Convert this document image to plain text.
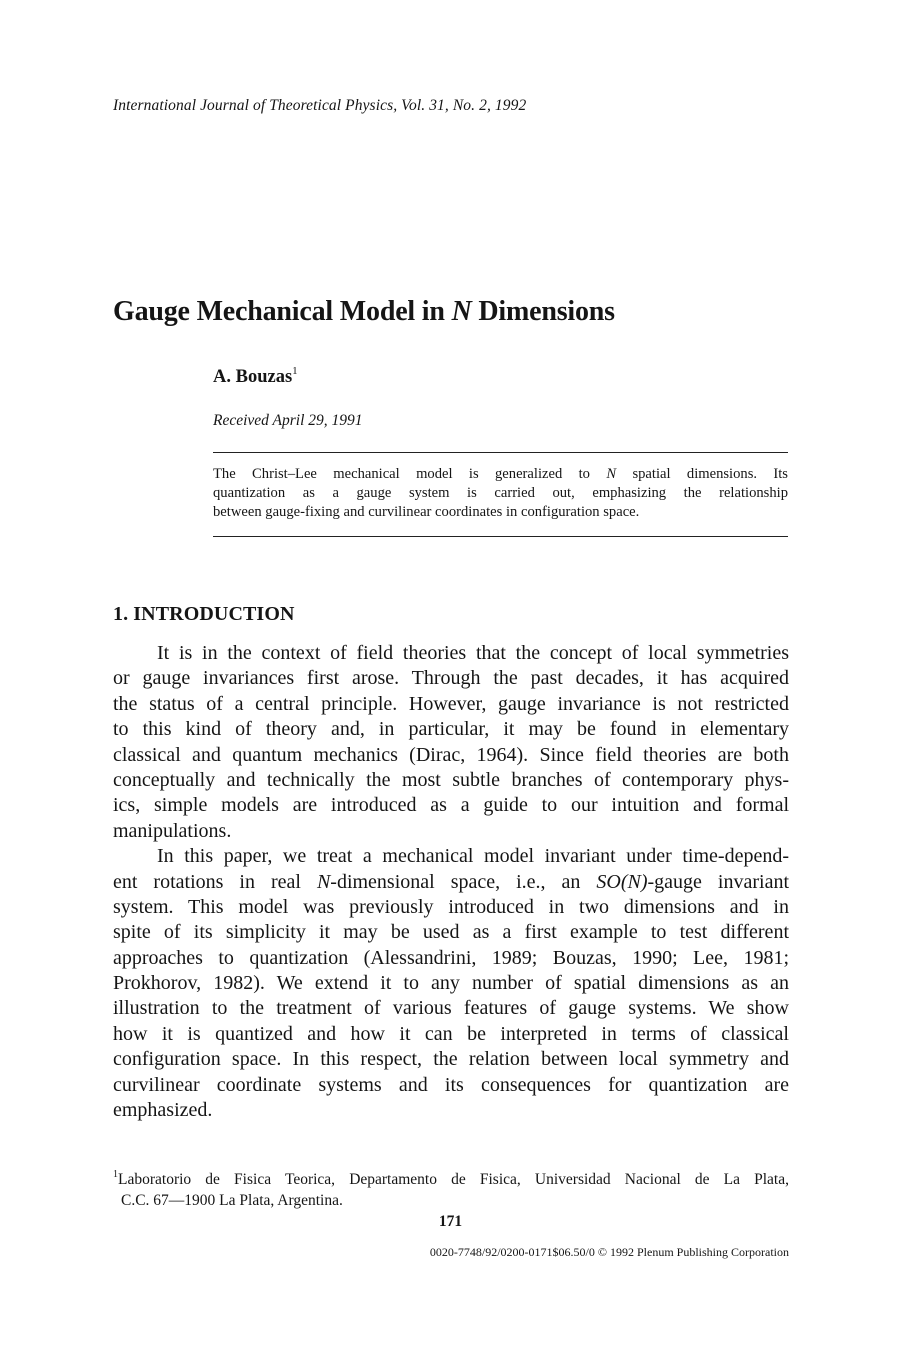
International Journal of Theoretical Physics, Vol. 31, No. 2, 1992
Gauge Mechanical Model in N Dimensions
A. Bouzas$^1$
Received April 29, 1991
The Christ–Lee mechanical model is generalized to N spatial dimensions. Its
quantization as a gauge system is carried out, emphasizing the relationship
between gauge-fixing and curvilinear coordinates in configuration space.
1. INTRODUCTION
It is in the context of field theories that the concept of local symmetries
or gauge invariances first arose. Through the past decades, it has acquired
the status of a central principle. However, gauge invariance is not restricted
to this kind of theory and, in particular, it may be found in elementary
classical and quantum mechanics (Dirac, 1964). Since field theories are both
conceptually and technically the most subtle branches of contemporary phys-
ics, simple models are introduced as a guide to our intuition and formal
manipulations.
In this paper, we treat a mechanical model invariant under time-depend-
ent rotations in real N-dimensional space, i.e., an SO(N)-gauge invariant
system. This model was previously introduced in two dimensions and in
spite of its simplicity it may be used as a first example to test different
approaches to quantization (Alessandrini, 1989; Bouzas, 1990; Lee, 1981;
Prokhorov, 1982). We extend it to any number of spatial dimensions as an
illustration to the treatment of various features of gauge systems. We show
how it is quantized and how it can be interpreted in terms of classical
configuration space. In this respect, the relation between local symmetry and
curvilinear coordinate systems and its consequences for quantization are
emphasized.
$^1$Laboratorio de Fisica Teorica, Departamento de Fisica, Universidad Nacional de La Plata,
C.C. 67—1900 La Plata, Argentina.
171
0020-7748/92/0200-0171$06.50/0 © 1992 Plenum Publishing Corporation
